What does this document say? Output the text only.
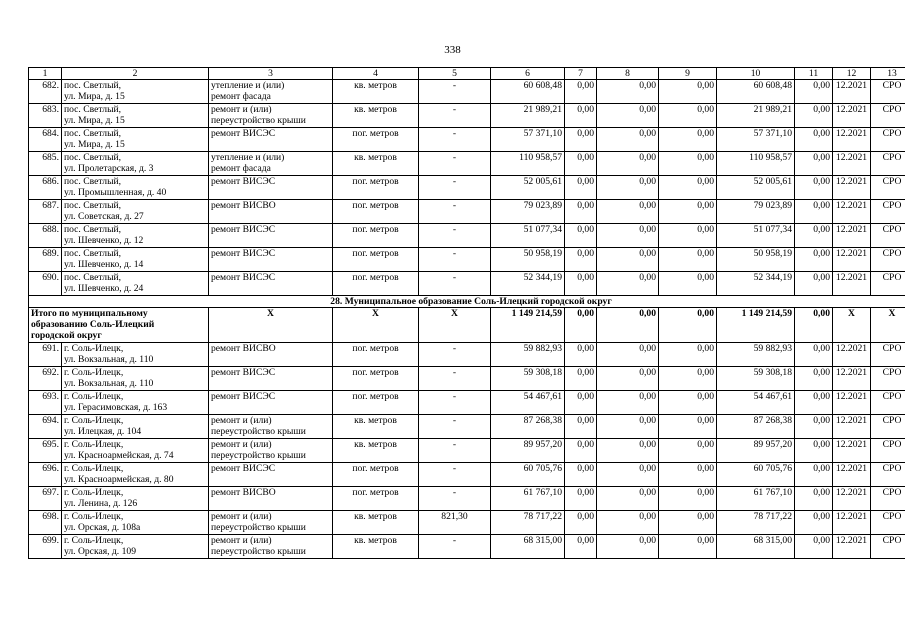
338
1	2	3	4	5	6	7	8	9	10	11	12	13
682.	пос. Светлый,
ул. Мира, д. 15	утепление и (или)
ремонт фасада	кв. метров	-	60 608,48	0,00	0,00	0,00	60 608,48	0,00	12.2021	СРО
683.	пос. Светлый,
ул. Мира, д. 15	ремонт и (или)
переустройство крыши	кв. метров	-	21 989,21	0,00	0,00	0,00	21 989,21	0,00	12.2021	СРО
684.	пос. Светлый,
ул. Мира, д. 15	ремонт ВИСЭС	пог. метров	-	57 371,10	0,00	0,00	0,00	57 371,10	0,00	12.2021	СРО
685.	пос. Светлый,
ул. Пролетарская, д. 3	утепление и (или)
ремонт фасада	кв. метров	-	110 958,57	0,00	0,00	0,00	110 958,57	0,00	12.2021	СРО
686.	пос. Светлый,
ул. Промышленная, д. 40	ремонт ВИСЭС	пог. метров	-	52 005,61	0,00	0,00	0,00	52 005,61	0,00	12.2021	СРО
687.	пос. Светлый,
ул. Советская, д. 27	ремонт ВИСВО	пог. метров	-	79 023,89	0,00	0,00	0,00	79 023,89	0,00	12.2021	СРО
688.	пос. Светлый,
ул. Шевченко, д. 12	ремонт ВИСЭС	пог. метров	-	51 077,34	0,00	0,00	0,00	51 077,34	0,00	12.2021	СРО
689.	пос. Светлый,
ул. Шевченко, д. 14	ремонт ВИСЭС	пог. метров	-	50 958,19	0,00	0,00	0,00	50 958,19	0,00	12.2021	СРО
690.	пос. Светлый,
ул. Шевченко, д. 24	ремонт ВИСЭС	пог. метров	-	52 344,19	0,00	0,00	0,00	52 344,19	0,00	12.2021	СРО
28. Муниципальное образование Соль-Илецкий городской округ												

Итого по муниципальному
образованию Соль-Илецкий
городской округ		X	X	X	1 149 214,59	0,00	0,00	0,00	1 149 214,59	0,00	X	X
691.	г. Соль-Илецк,
ул. Вокзальная, д. 110	ремонт ВИСВО	пог. метров	-	59 882,93	0,00	0,00	0,00	59 882,93	0,00	12.2021	СРО
692.	г. Соль-Илецк,
ул. Вокзальная, д. 110	ремонт ВИСЭС	пог. метров	-	59 308,18	0,00	0,00	0,00	59 308,18	0,00	12.2021	СРО
693.	г. Соль-Илецк,
ул. Герасимовская, д. 163	ремонт ВИСЭС	пог. метров	-	54 467,61	0,00	0,00	0,00	54 467,61	0,00	12.2021	СРО
694.	г. Соль-Илецк,
ул. Илецкая, д. 104	ремонт и (или)
переустройство крыши	кв. метров	-	87 268,38	0,00	0,00	0,00	87 268,38	0,00	12.2021	СРО
695.	г. Соль-Илецк,
ул. Красноармейская, д. 74	ремонт и (или)
переустройство крыши	кв. метров	-	89 957,20	0,00	0,00	0,00	89 957,20	0,00	12.2021	СРО
696.	г. Соль-Илецк,
ул. Красноармейская, д. 80	ремонт ВИСЭС	пог. метров	-	60 705,76	0,00	0,00	0,00	60 705,76	0,00	12.2021	СРО
697.	г. Соль-Илецк,
ул. Ленина, д. 126	ремонт ВИСВО	пог. метров	-	61 767,10	0,00	0,00	0,00	61 767,10	0,00	12.2021	СРО
698.	г. Соль-Илецк,
ул. Орская, д. 108а	ремонт и (или)
переустройство крыши	кв. метров	821,30	78 717,22	0,00	0,00	0,00	78 717,22	0,00	12.2021	СРО
699.	г. Соль-Илецк,
ул. Орская, д. 109	ремонт и (или)
переустройство крыши	кв. метров	-	68 315,00	0,00	0,00	0,00	68 315,00	0,00	12.2021	СРО
